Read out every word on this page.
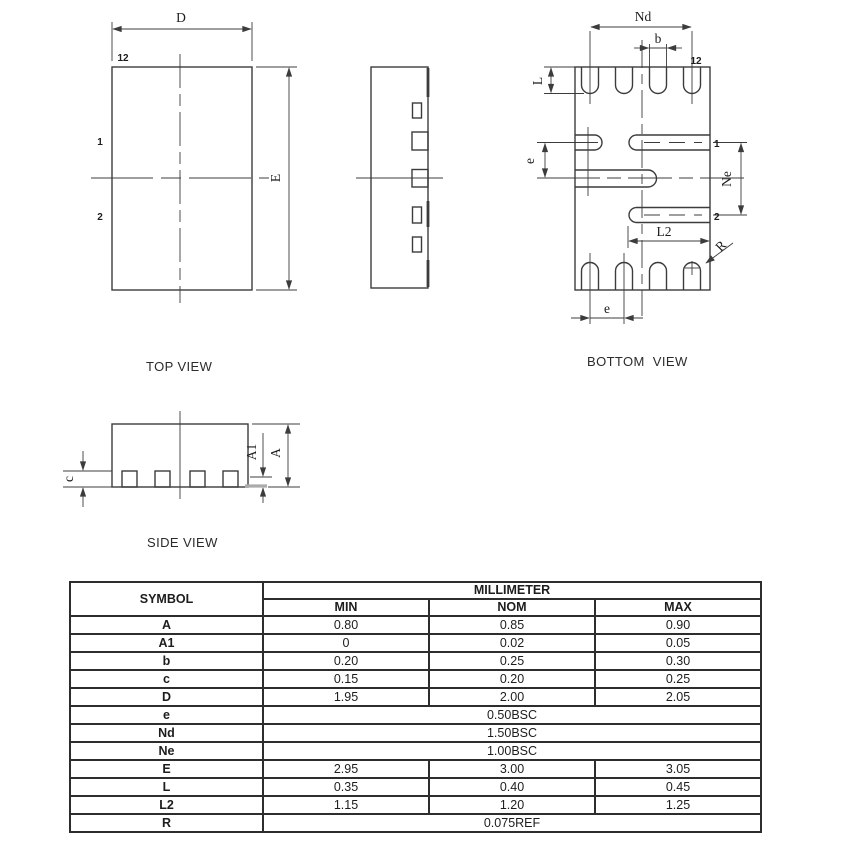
D
E
12
1
2
Nd
b
L
e
Ne
L2
R
e
12
1
2
c
A1 A
TOP VIEW	BOTTOM  VIEW
SIDE VIEW
SYMBOL	MILLIMETER		
	MIN	NOM	MAX
A	0.80	0.85	0.90
A1	0	0.02	0.05
b	0.20	0.25	0.30
c	0.15	0.20	0.25
D	1.95	2.00	2.05
e	0.50BSC		
Nd	1.50BSC		
Ne	1.00BSC		
E	2.95	3.00	3.05
L	0.35	0.40	0.45
L2	1.15	1.20	1.25
R	0.075REF		
